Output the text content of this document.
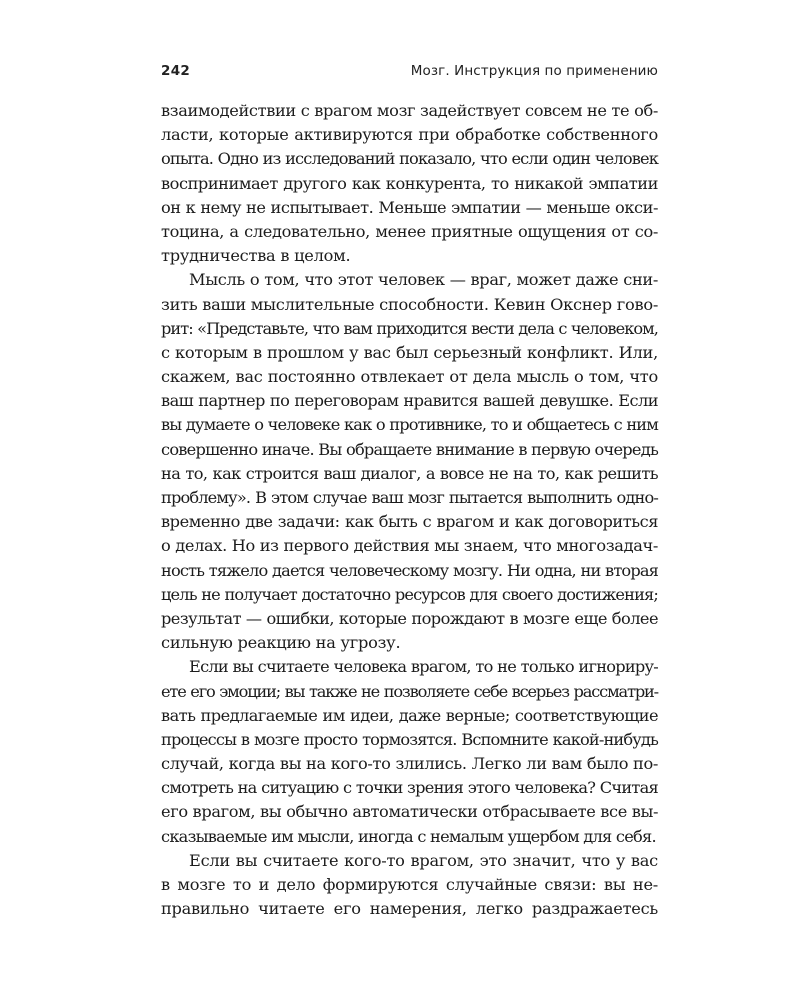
242	Мозг. Инструкция по применению
взаимодействии с врагом мозг задействует совсем не те об-
ласти, которые активируются при обработке собственного
опыта. Одно из исследований показало, что если один человек
воспринимает другого как конкурента, то никакой эмпатии
он к нему не испытывает. Меньше эмпатии — меньше окси-
тоцина, а следовательно, менее приятные ощущения от со-
трудничества в целом.
Мысль о том, что этот человек — враг, может даже сни-
зить ваши мыслительные способности. Кевин Окснер гово-
рит: «Представьте, что вам приходится вести дела с человеком,
с которым в прошлом у вас был серьезный конфликт. Или,
скажем, вас постоянно отвлекает от дела мысль о том, что
ваш партнер по переговорам нравится вашей девушке. Если
вы думаете о человеке как о противнике, то и общаетесь с ним
совершенно иначе. Вы обращаете внимание в первую очередь
на то, как строится ваш диалог, а вовсе не на то, как решить
проблему». В этом случае ваш мозг пытается выполнить одно-
временно две задачи: как быть с врагом и как договориться
о делах. Но из первого действия мы знаем, что многозадач-
ность тяжело дается человеческому мозгу. Ни одна, ни вторая
цель не получает достаточно ресурсов для своего достижения;
результат — ошибки, которые порождают в мозге еще более
сильную реакцию на угрозу.
Если вы считаете человека врагом, то не только игнориру-
ете его эмоции; вы также не позволяете себе всерьез рассматри-
вать предлагаемые им идеи, даже верные; соответствующие
процессы в мозге просто тормозятся. Вспомните какой-нибудь
случай, когда вы на кого-то злились. Легко ли вам было по-
смотреть на ситуацию с точки зрения этого человека? Считая
его врагом, вы обычно автоматически отбрасываете все вы-
сказываемые им мысли, иногда с немалым ущербом для себя.
Если вы считаете кого-то врагом, это значит, что у вас
в мозге то и дело формируются случайные связи: вы не-
правильно читаете его намерения, легко раздражаетесь
